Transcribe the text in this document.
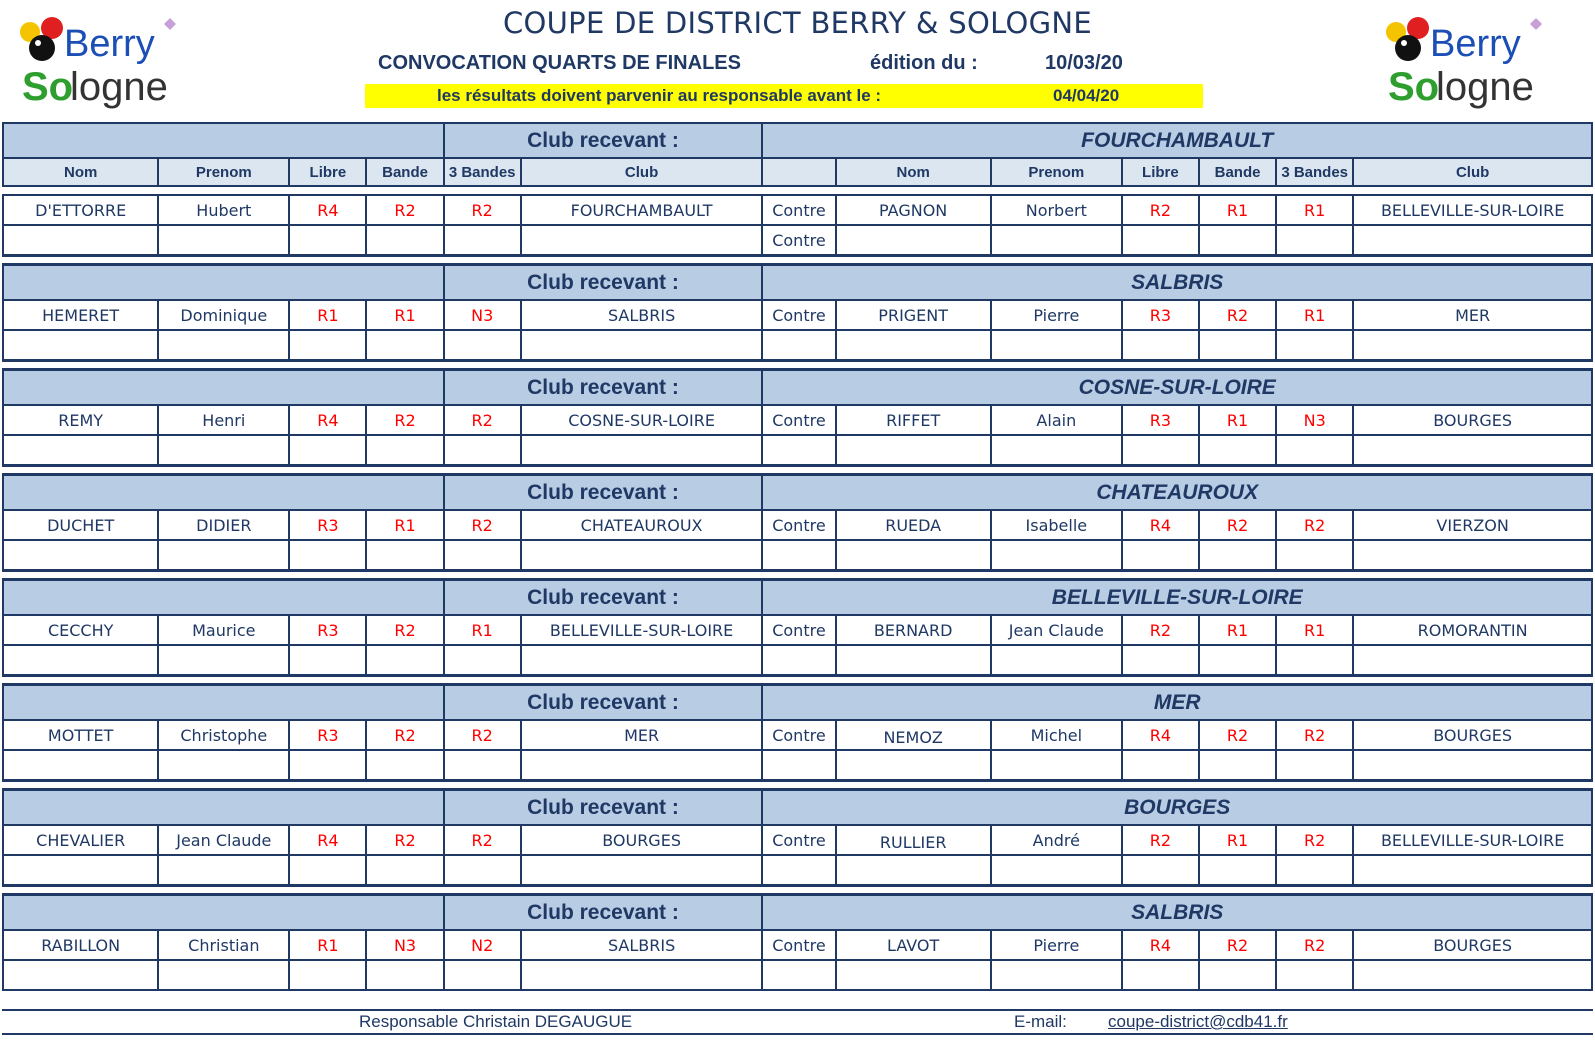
Berry
So
logne
Berry
So
logne
COUPE DE DISTRICT BERRY & SOLOGNE
CONVOCATION QUARTS DE FINALES	édition du :	10/03/20
les résultats doivent parvenir au responsable avant le :	04/04/20
				Club recevant :		FOURCHAMBAULT						
Nom	Prenom	Libre	Bande	3 Bandes	Club		Nom	Prenom	Libre	Bande	3 Bandes	Club

D'ETTORRE	Hubert	R4	R2	R2	FOURCHAMBAULT	Contre	PAGNON	Norbert	R2	R1	R1	BELLEVILLE-SUR-LOIRE
						Contre						

				Club recevant :		SALBRIS						
HEMERET	Dominique	R1	R1	N3	SALBRIS	Contre	PRIGENT	Pierre	R3	R2	R1	MER

				Club recevant :		COSNE-SUR-LOIRE						
REMY	Henri	R4	R2	R2	COSNE-SUR-LOIRE	Contre	RIFFET	Alain	R3	R1	N3	BOURGES

				Club recevant :		CHATEAUROUX						
DUCHET	DIDIER	R3	R1	R2	CHATEAUROUX	Contre	RUEDA	Isabelle	R4	R2	R2	VIERZON

				Club recevant :		BELLEVILLE-SUR-LOIRE						
CECCHY	Maurice	R3	R2	R1	BELLEVILLE-SUR-LOIRE	Contre	BERNARD	Jean Claude	R2	R1	R1	ROMORANTIN

				Club recevant :		MER						
MOTTET	Christophe	R3	R2	R2	MER	Contre	NEMOZ	Michel	R4	R2	R2	BOURGES

				Club recevant :		BOURGES						
CHEVALIER	Jean Claude	R4	R2	R2	BOURGES	Contre	RULLIER	André	R2	R1	R2	BELLEVILLE-SUR-LOIRE

				Club recevant :		SALBRIS						
RABILLON	Christian	R1	N3	N2	SALBRIS	Contre	LAVOT	Pierre	R4	R2	R2	BOURGES

Responsable Christain DEGAUGUE	E-mail: coupe-district@cdb41.fr
